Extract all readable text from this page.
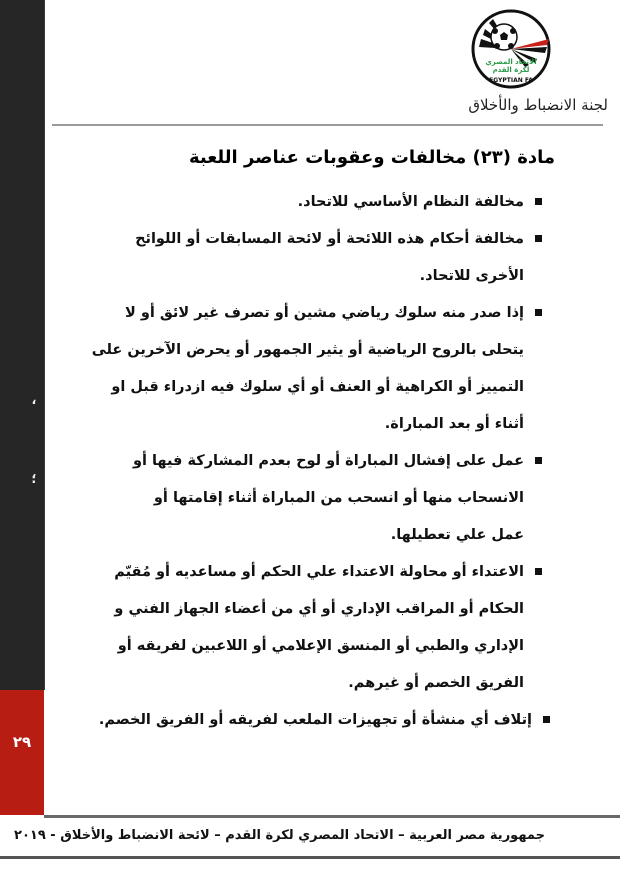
،
؛
٢٩
الاتحاد المصري
لكرة القدم
EGYPTIAN FA
لجنة الانضباط والأخلاق
مادة (٢٣) مخالفات وعقوبات عناصر اللعبة
مخالفة النظام الأساسي للاتحاد.
مخالفة أحكام هذه اللائحة أو لائحة المسابقات أو اللوائح
الأخرى للاتحاد.
إذا صدر منه سلوك رياضي مشين أو تصرف غير لائق أو لا
يتحلى بالروح الرياضية أو يثير الجمهور أو يحرض الآخرين على
التمييز أو الكراهية أو العنف أو أي سلوك فيه ازدراء قبل او
أثناء أو بعد المباراة.
عمل على إفشال المباراة أو لوح بعدم المشاركة فيها أو
الانسحاب منها أو انسحب من المباراة أثناء إقامتها أو
عمل علي تعطيلها.
الاعتداء أو محاولة الاعتداء علي الحكم أو مساعديه أو مُقيّم
الحكام أو المراقب الإداري أو أي من أعضاء الجهاز الفني و
الإداري والطبي أو المنسق الإعلامي أو اللاعبين لفريقه أو
الفريق الخصم أو غيرهم.
إتلاف أي منشأة أو تجهيزات الملعب لفريقه أو الفريق الخصم.
جمهورية مصر العربية – الاتحاد المصري لكرة القدم – لائحة الانضباط والأخلاق - ٢٠١٩
